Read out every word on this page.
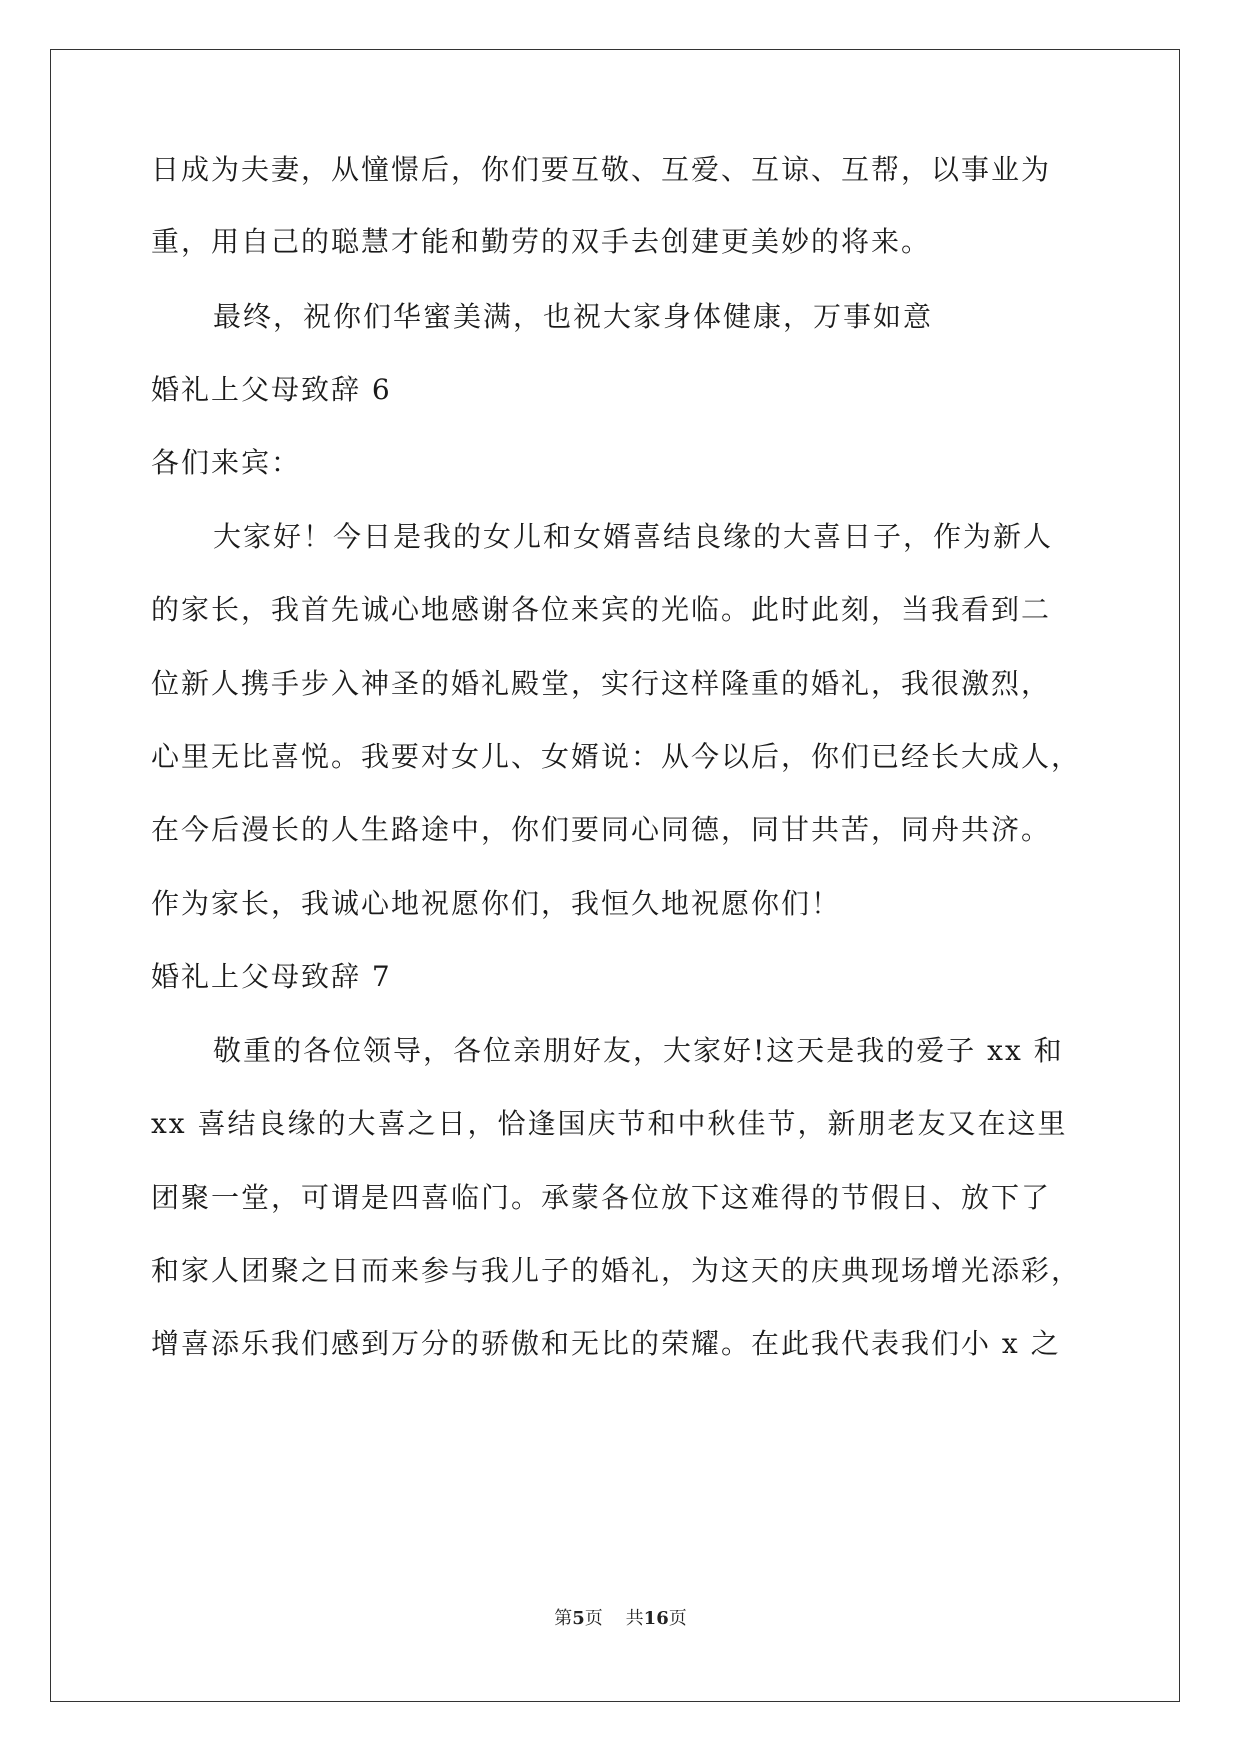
日成为夫妻，从憧憬后，你们要互敬、互爱、互谅、互帮，以事业为
重，用自己的聪慧才能和勤劳的双手去创建更美妙的将来。
最终，祝你们华蜜美满，也祝大家身体健康，万事如意
婚礼上父母致辞 6
各们来宾：
大家好！今日是我的女儿和女婿喜结良缘的大喜日子，作为新人
的家长，我首先诚心地感谢各位来宾的光临。此时此刻，当我看到二
位新人携手步入神圣的婚礼殿堂，实行这样隆重的婚礼，我很激烈，
心里无比喜悦。我要对女儿、女婿说：从今以后，你们已经长大成人，
在今后漫长的人生路途中，你们要同心同德，同甘共苦，同舟共济。
作为家长，我诚心地祝愿你们，我恒久地祝愿你们！
婚礼上父母致辞 7
敬重的各位领导，各位亲朋好友，大家好!这天是我的爱子 xx 和
xx 喜结良缘的大喜之日，恰逢国庆节和中秋佳节，新朋老友又在这里
团聚一堂，可谓是四喜临门。承蒙各位放下这难得的节假日、放下了
和家人团聚之日而来参与我儿子的婚礼，为这天的庆典现场增光添彩，
增喜添乐我们感到万分的骄傲和无比的荣耀。在此我代表我们小 x 之
第5页 共16页
